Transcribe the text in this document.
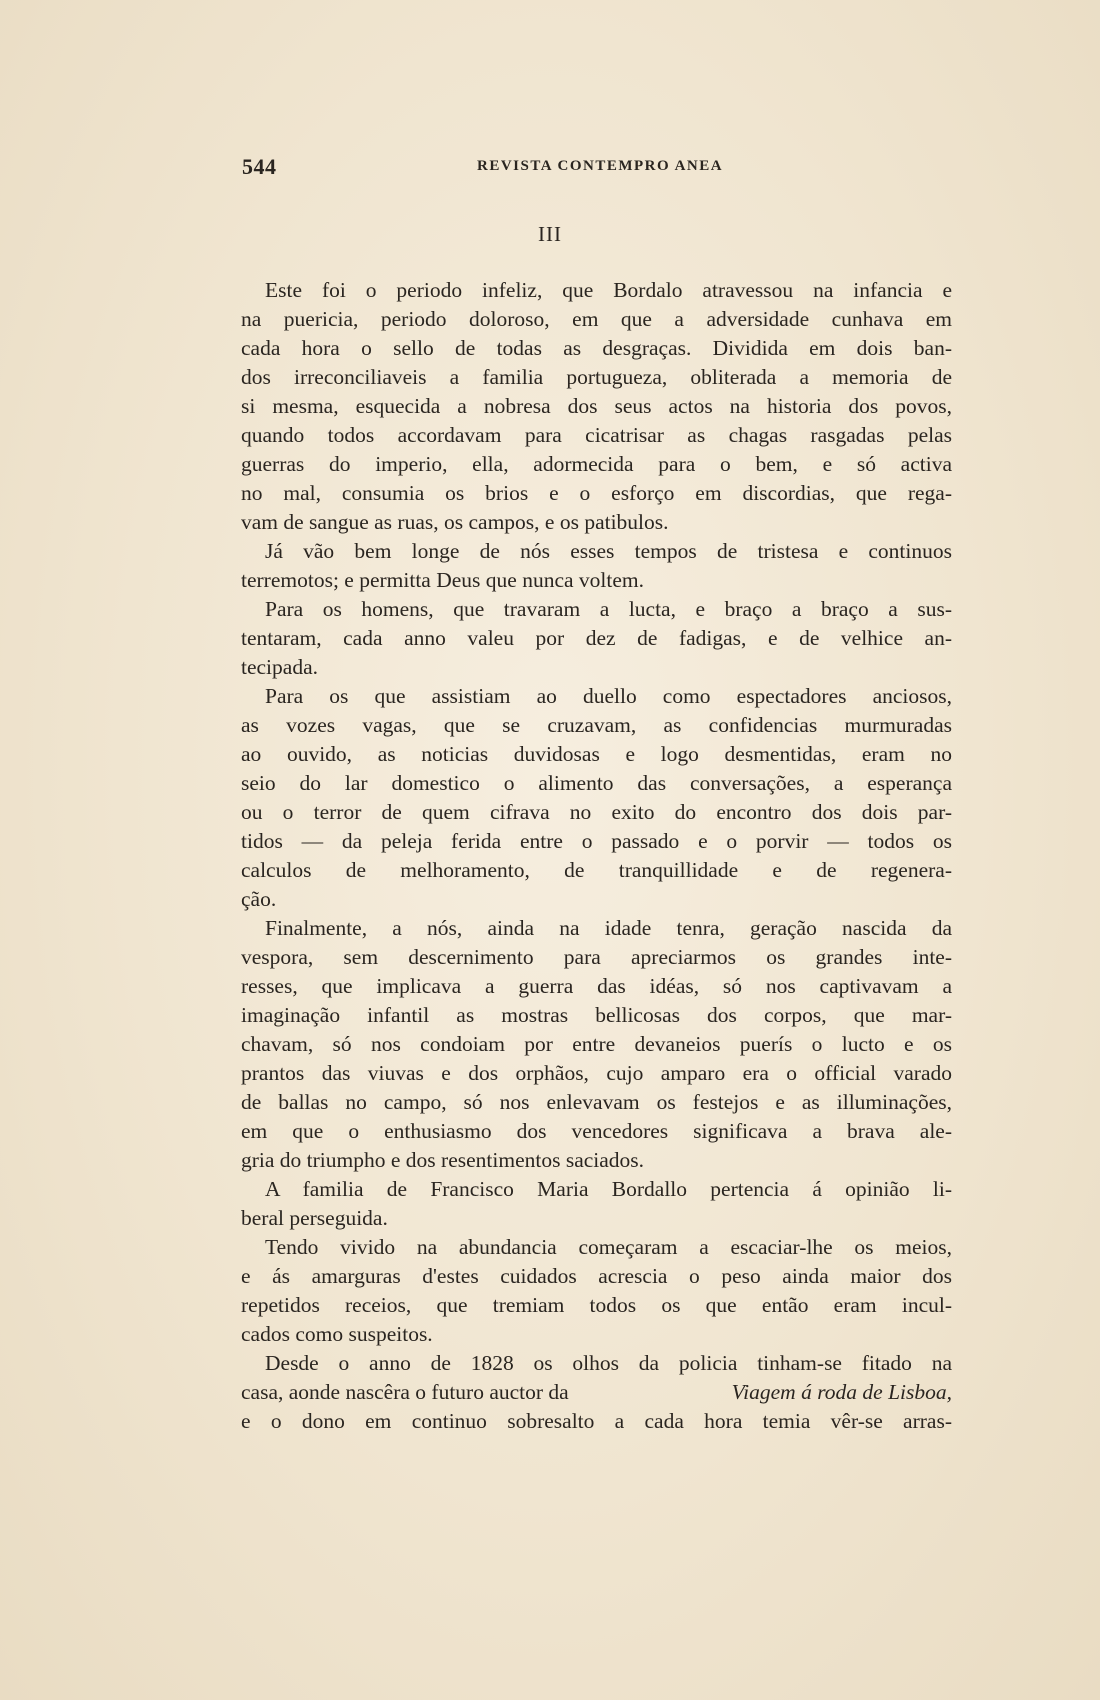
544	REVISTA CONTEMPRO ANEA
III
Este foi o periodo infeliz, que Bordalo atravessou na infancia e
na puericia, periodo doloroso, em que a adversidade cunhava em
cada hora o sello de todas as desgraças. Dividida em dois ban-
dos irreconciliaveis a familia portugueza, obliterada a memoria de
si mesma, esquecida a nobresa dos seus actos na historia dos povos,
quando todos accordavam para cicatrisar as chagas rasgadas pelas
guerras do imperio, ella, adormecida para o bem, e só activa
no mal, consumia os brios e o esforço em discordias, que rega-
vam de sangue as ruas, os campos, e os patibulos.
Já vão bem longe de nós esses tempos de tristesa e continuos
terremotos; e permitta Deus que nunca voltem.
Para os homens, que travaram a lucta, e braço a braço a sus-
tentaram, cada anno valeu por dez de fadigas, e de velhice an-
tecipada.
Para os que assistiam ao duello como espectadores anciosos,
as vozes vagas, que se cruzavam, as confidencias murmuradas
ao ouvido, as noticias duvidosas e logo desmentidas, eram no
seio do lar domestico o alimento das conversações, a esperança
ou o terror de quem cifrava no exito do encontro dos dois par-
tidos — da peleja ferida entre o passado e o porvir — todos os
calculos de melhoramento, de tranquillidade e de regenera-
ção.
Finalmente, a nós, ainda na idade tenra, geração nascida da
vespora, sem descernimento para apreciarmos os grandes inte-
resses, que implicava a guerra das idéas, só nos captivavam a
imaginação infantil as mostras bellicosas dos corpos, que mar-
chavam, só nos condoiam por entre devaneios puerís o lucto e os
prantos das viuvas e dos orphãos, cujo amparo era o official varado
de ballas no campo, só nos enlevavam os festejos e as illuminações,
em que o enthusiasmo dos vencedores significava a brava ale-
gria do triumpho e dos resentimentos saciados.
A familia de Francisco Maria Bordallo pertencia á opinião li-
beral perseguida.
Tendo vivido na abundancia começaram a escaciar-lhe os meios,
e ás amarguras d'estes cuidados acrescia o peso ainda maior dos
repetidos receios, que tremiam todos os que então eram incul-
cados como suspeitos.
Desde o anno de 1828 os olhos da policia tinham-se fitado na
casa, aonde nascêra o futuro auctor da	Viagem á roda de Lisboa,
e o dono em continuo sobresalto a cada hora temia vêr-se arras-
